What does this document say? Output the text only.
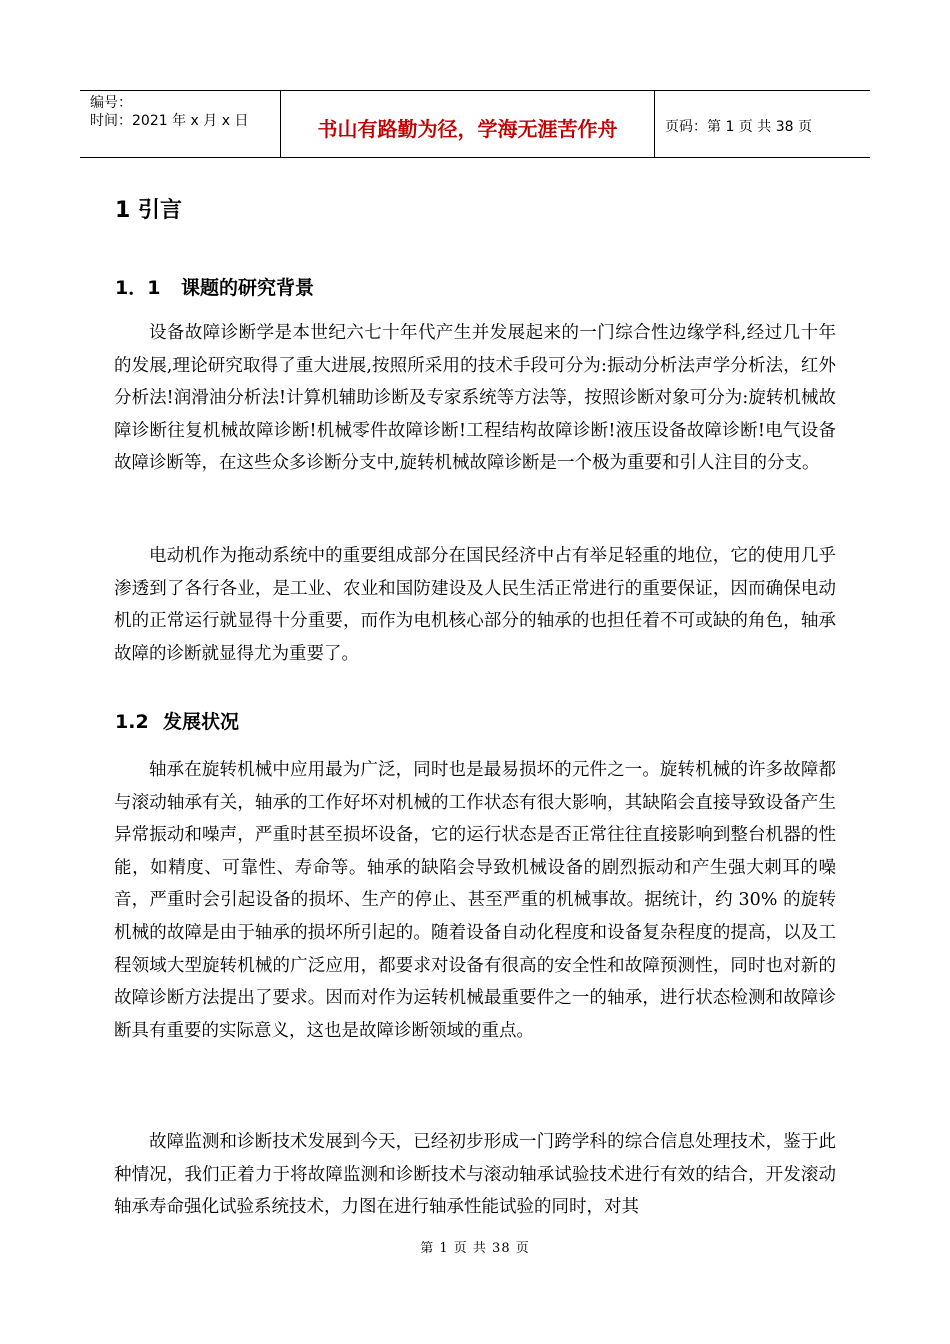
编号：
时间：2021 年 x 月 x 日	书山有路勤为径，学海无涯苦作舟	页码：第 1 页 共 38 页
1 引言
1．1 课题的研究背景

设备故障诊断学是本世纪六七十年代产生并发展起来的一门综合性边缘学科,经过几十年的发展,理论研究取得了重大进展,按照所采用的技术手段可分为:振动分析法声学分析法，红外分析法!润滑油分析法!计算机辅助诊断及专家系统等方法等，按照诊断对象可分为:旋转机械故障诊断往复机械故障诊断!机械零件故障诊断!工程结构故障诊断!液压设备故障诊断!电气设备故障诊断等，在这些众多诊断分支中,旋转机械故障诊断是一个极为重要和引人注目的分支。

电动机作为拖动系统中的重要组成部分在国民经济中占有举足轻重的地位，它的使用几乎渗透到了各行各业，是工业、农业和国防建设及人民生活正常进行的重要保证，因而确保电动机的正常运行就显得十分重要，而作为电机核心部分的轴承的也担任着不可或缺的角色，轴承故障的诊断就显得尤为重要了。

1.2 发展状况

轴承在旋转机械中应用最为广泛，同时也是最易损坏的元件之一。旋转机械的许多故障都与滚动轴承有关，轴承的工作好坏对机械的工作状态有很大影响，其缺陷会直接导致设备产生异常振动和噪声，严重时甚至损坏设备，它的运行状态是否正常往往直接影响到整台机器的性能，如精度、可靠性、寿命等。轴承的缺陷会导致机械设备的剧烈振动和产生强大刺耳的噪音，严重时会引起设备的损坏、生产的停止、甚至严重的机械事故。据统计，约 30% 的旋转机械的故障是由于轴承的损坏所引起的。随着设备自动化程度和设备复杂程度的提高，以及工程领域大型旋转机械的广泛应用，都要求对设备有很高的安全性和故障预测性，同时也对新的故障诊断方法提出了要求。因而对作为运转机械最重要件之一的轴承，进行状态检测和故障诊断具有重要的实际意义，这也是故障诊断领域的重点。

故障监测和诊断技术发展到今天，已经初步形成一门跨学科的综合信息处理技术，鉴于此种情况，我们正着力于将故障监测和诊断技术与滚动轴承试验技术进行有效的结合，开发滚动轴承寿命强化试验系统技术，力图在进行轴承性能试验的同时，对其

第 1 页 共 38 页
